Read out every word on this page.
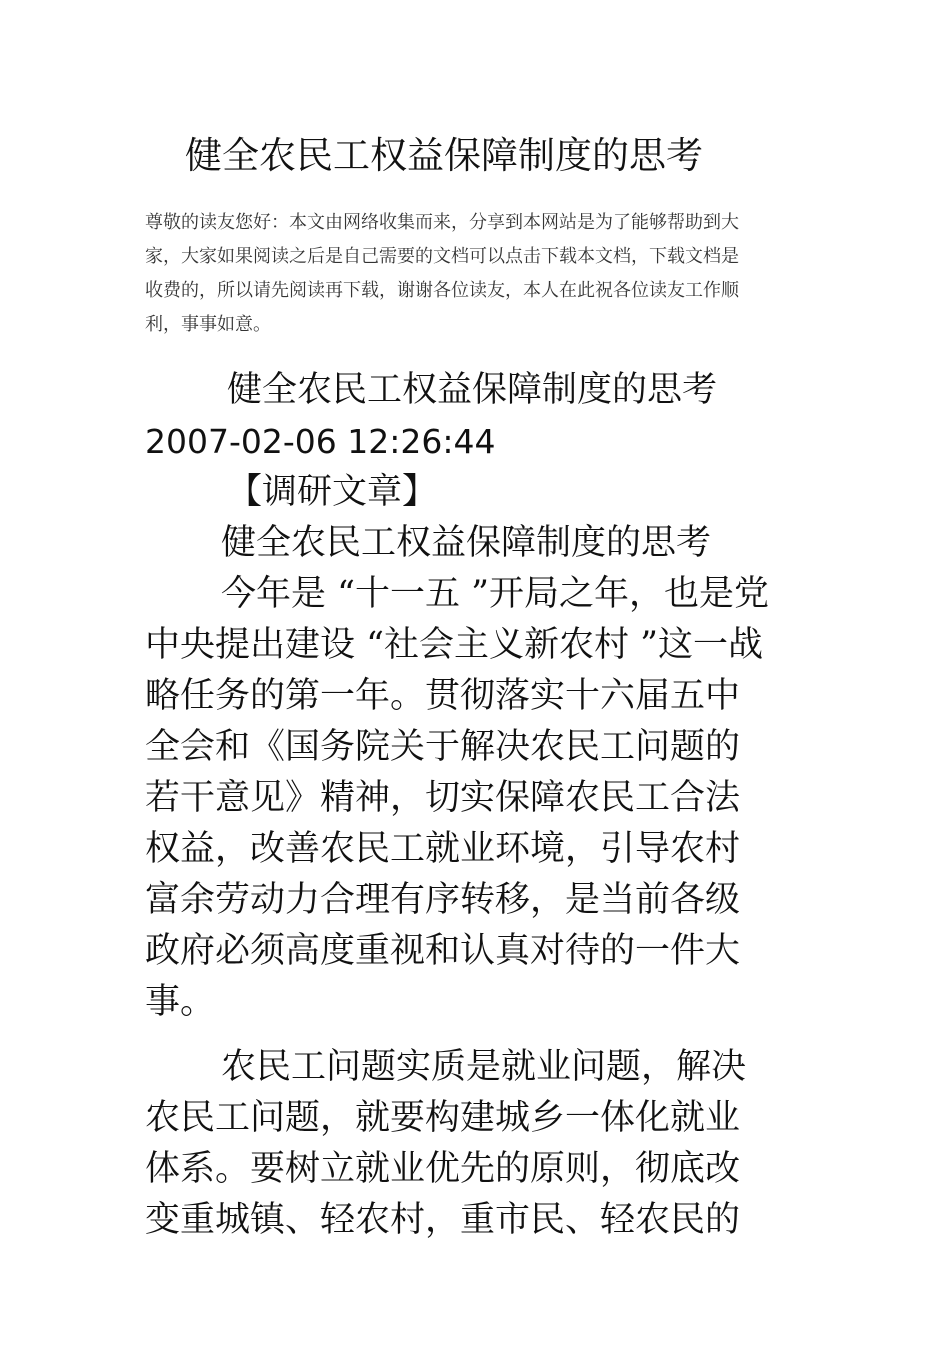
健全农民工权益保障制度的思考
尊敬的读友您好：本文由网络收集而来，分享到本网站是为了能够帮助到大
家，大家如果阅读之后是自己需要的文档可以点击下载本文档，下载文档是
收费的，所以请先阅读再下载，谢谢各位读友，本人在此祝各位读友工作顺
利，事事如意。
健全农民工权益保障制度的思考
2007-02-06 12:26:44
【调研文章】
健全农民工权益保障制度的思考
今年是 “十一五 ”开局之年，也是党
中央提出建设 “社会主义新农村 ”这一战
略任务的第一年。贯彻落实十六届五中
全会和《国务院关于解决农民工问题的
若干意见》精神，切实保障农民工合法
权益，改善农民工就业环境，引导农村
富余劳动力合理有序转移，是当前各级
政府必须高度重视和认真对待的一件大
事。
农民工问题实质是就业问题，解决
农民工问题，就要构建城乡一体化就业
体系。要树立就业优先的原则，彻底改
变重城镇、轻农村，重市民、轻农民的
